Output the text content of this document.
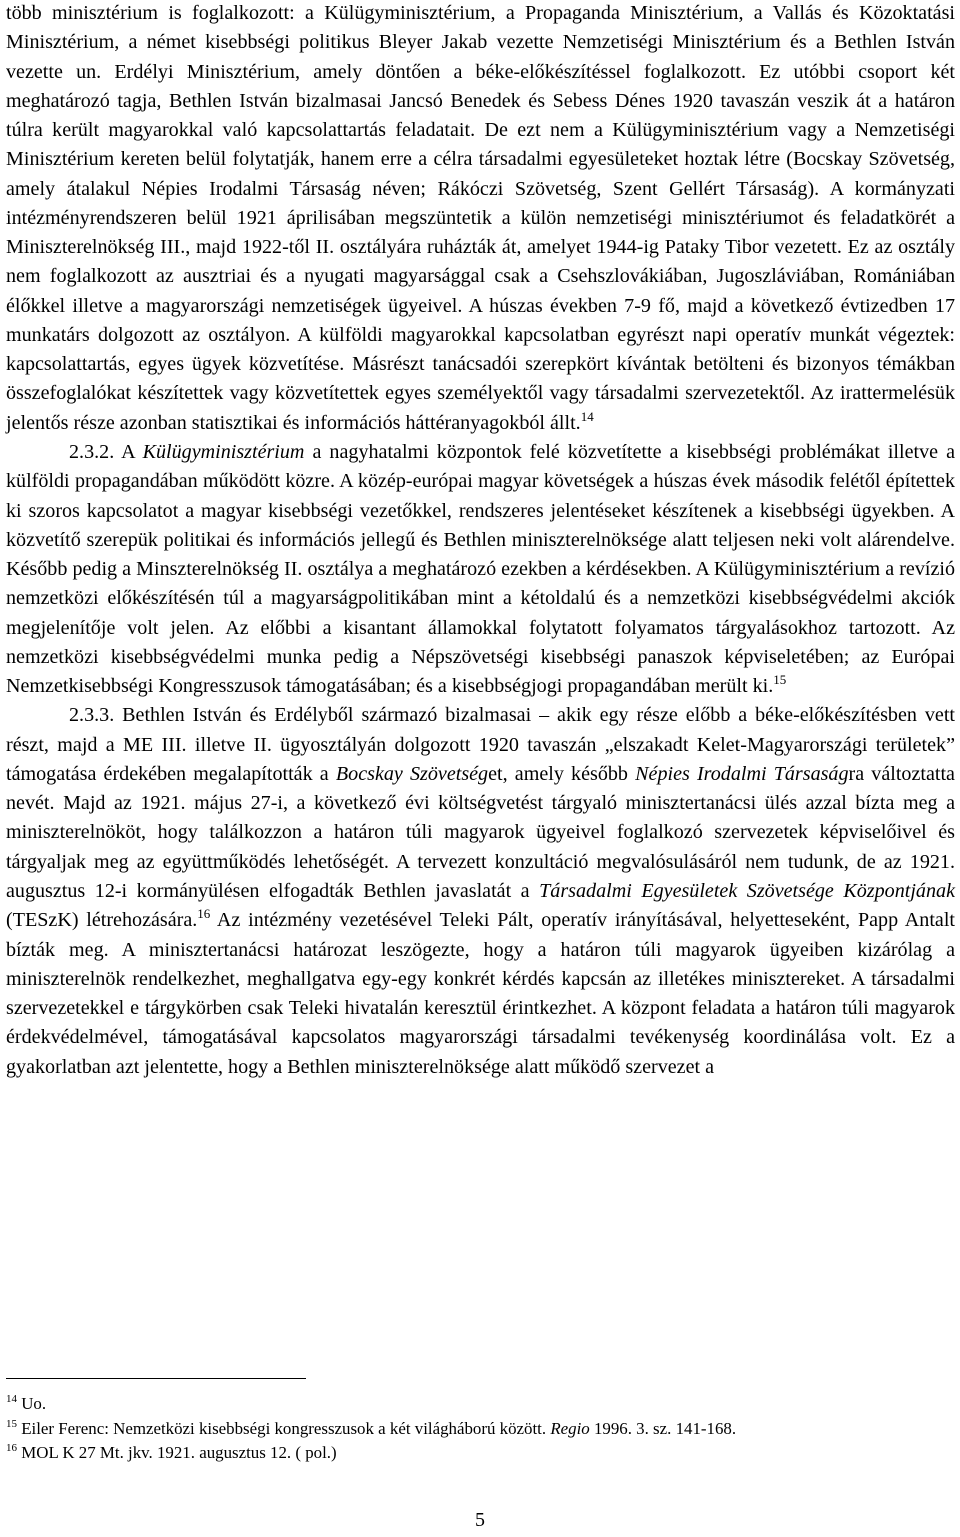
több minisztérium is foglalkozott: a Külügyminisztérium, a Propaganda Minisztérium, a Vallás és Közoktatási Minisztérium, a német kisebbségi politikus Bleyer Jakab vezette Nemzetiségi Minisztérium és a Bethlen István vezette un. Erdélyi Minisztérium, amely döntően a béke-előkészítéssel foglalkozott. Ez utóbbi csoport két meghatározó tagja, Bethlen István bizalmasai Jancsó Benedek és Sebess Dénes 1920 tavaszán veszik át a határon túlra került magyarokkal való kapcsolattartás feladatait. De ezt nem a Külügyminisztérium vagy a Nemzetiségi Minisztérium kereten belül folytatják, hanem erre a célra társadalmi egyesületeket hoztak létre (Bocskay Szövetség, amely átalakul Népies Irodalmi Társaság néven; Rákóczi Szövetség, Szent Gellért Társaság). A kormányzati intézményrendszeren belül 1921 áprilisában megszüntetik a külön nemzetiségi minisztériumot és feladatkörét a Miniszterelnökség III., majd 1922-től II. osztályára ruházták át, amelyet 1944-ig Pataky Tibor vezetett. Ez az osztály nem foglalkozott az ausztriai és a nyugati magyarsággal csak a Csehszlovákiában, Jugoszláviában, Romániában élőkkel illetve a magyarországi nemzetiségek ügyeivel. A húszas években 7-9 fő, majd a következő évtizedben 17 munkatárs dolgozott az osztályon. A külföldi magyarokkal kapcsolatban egyrészt napi operatív munkát végeztek: kapcsolattartás, egyes ügyek közvetítése. Másrészt tanácsadói szerepkört kívántak betölteni és bizonyos témákban összefoglalókat készítettek vagy közvetítettek egyes személyektől vagy társadalmi szervezetektől. Az irattermelésük jelentős része azonban statisztikai és információs háttéranyagokból állt.$^{14}$

2.3.2. A Külügyminisztérium a nagyhatalmi központok felé közvetítette a kisebbségi problémákat illetve a külföldi propagandában működött közre. A közép-európai magyar követségek a húszas évek második felétől építettek ki szoros kapcsolatot a magyar kisebbségi vezetőkkel, rendszeres jelentéseket készítenek a kisebbségi ügyekben. A közvetítő szerepük politikai és információs jellegű és Bethlen miniszterelnöksége alatt teljesen neki volt alárendelve. Később pedig a Minszterelnökség II. osztálya a meghatározó ezekben a kérdésekben. A Külügyminisztérium a revízió nemzetközi előkészítésén túl a magyarságpolitikában mint a kétoldalú és a nemzetközi kisebbségvédelmi akciók megjelenítője volt jelen. Az előbbi a kisantant államokkal folytatott folyamatos tárgyalásokhoz tartozott. Az nemzetközi kisebbségvédelmi munka pedig a Népszövetségi kisebbségi panaszok képviseletében; az Európai Nemzetkisebbségi Kongresszusok támogatásában; és a kisebbségjogi propagandában merült ki.$^{15}$

2.3.3. Bethlen István és Erdélyből származó bizalmasai – akik egy része előbb a béke-előkészítésben vett részt, majd a ME III. illetve II. ügyosztályán dolgozott 1920 tavaszán „elszakadt Kelet-Magyarországi területek” támogatása érdekében megalapították a Bocskay Szövetséget, amely később Népies Irodalmi Társaságra változtatta nevét. Majd az 1921. május 27-i, a következő évi költségvetést tárgyaló minisztertanácsi ülés azzal bízta meg a miniszterelnököt, hogy találkozzon a határon túli magyarok ügyeivel foglalkozó szervezetek képviselőivel és tárgyaljak meg az együttműködés lehetőségét. A tervezett konzultáció megvalósulásáról nem tudunk, de az 1921. augusztus 12-i kormányülésen elfogadták Bethlen javaslatát a Társadalmi Egyesületek Szövetsége Központjának (TESzK) létrehozására.$^{16}$ Az intézmény vezetésével Teleki Pált, operatív irányításával, helyetteseként, Papp Antalt bízták meg. A minisztertanácsi határozat leszögezte, hogy a határon túli magyarok ügyeiben kizárólag a miniszterelnök rendelkezhet, meghallgatva egy-egy konkrét kérdés kapcsán az illetékes minisztereket. A társadalmi szervezetekkel e tárgykörben csak Teleki hivatalán keresztül érintkezhet. A központ feladata a határon túli magyarok érdekvédelmével, támogatásával kapcsolatos magyarországi társadalmi tevékenység koordinálása volt. Ez a gyakorlatban azt jelentette, hogy a Bethlen miniszterelnöksége alatt működő szervezet a

$^{14}$ Uo.

$^{15}$ Eiler Ferenc: Nemzetközi kisebbségi kongresszusok a két világháború között. Regio 1996. 3. sz. 141-168.

$^{16}$ MOL K 27 Mt. jkv. 1921. augusztus 12. ( pol.)

5
